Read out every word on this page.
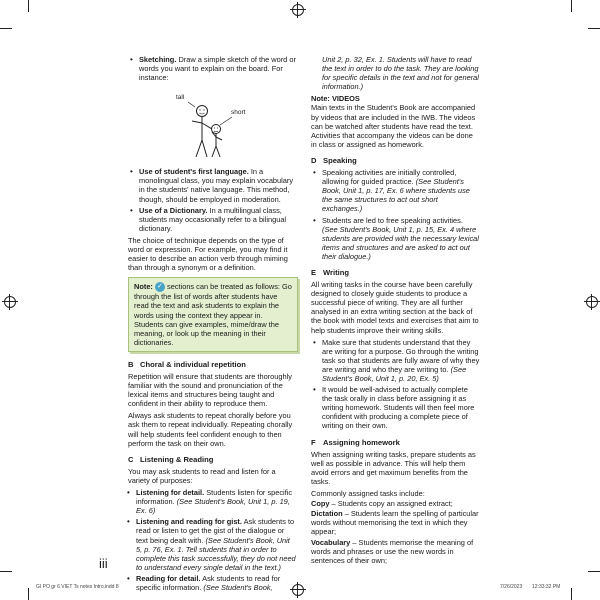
• Sketching. Draw a simple sketch of the word or words you want to explain on the board. For instance:
tall
short
• Use of student's first language. In a monolingual class, you may explain vocabulary in the students' native language. This method, though, should be employed in moderation.
• Use of a Dictionary. In a multilingual class, students may occasionally refer to a bilingual dictionary.

The choice of technique depends on the type of word or expression. For example, you may find it easier to describe an action verb through miming than through a synonym or a definition.

Note: ✓ sections can be treated as follows: Go through the list of words after students have read the text and ask students to explain the words using the context they appear in. Students can give examples, mime/draw the meaning, or look up the meaning in their dictionaries.
B Choral & individual repetition

Repetition will ensure that students are thoroughly familiar with the sound and pronunciation of the lexical items and structures being taught and confident in their ability to reproduce them.

Always ask students to repeat chorally before you ask them to repeat individually. Repeating chorally will help students feel confident enough to then perform the task on their own.

C Listening & Reading

You may ask students to read and listen for a variety of purposes:

• Listening for detail. Students listen for specific information. (See Student's Book, Unit 1, p. 19, Ex. 6)
• Listening and reading for gist. Ask students to read or listen to get the gist of the dialogue or text being dealt with. (See Student's Book, Unit 5, p. 76, Ex. 1. Tell students that in order to complete this task successfully, they do not need to understand every single detail in the text.)
• Reading for detail. Ask students to read for specific information. (See Student's Book,

Unit 2, p. 32, Ex. 1. Students will have to read the text in order to do the task. They are looking for specific details in the text and not for general information.)

Note: VIDEOS
Main texts in the Student's Book are accompanied by videos that are included in the IWB. The videos can be watched after students have read the text. Activities that accompany the videos can be done in class or assigned as homework.

D Speaking
• Speaking activities are initially controlled, allowing for guided practice. (See Student's Book, Unit 1, p. 17, Ex. 6 where students use the same structures to act out short exchanges.)
• Students are led to free speaking activities. (See Student's Book, Unit 1, p. 15, Ex. 4 where students are provided with the necessary lexical items and structures and are asked to act out their dialogue.)
E Writing

All writing tasks in the course have been carefully designed to closely guide students to produce a successful piece of writing. They are all further analysed in an extra writing section at the back of the book with model texts and exercises that aim to help students improve their writing skills.

• Make sure that students understand that they are writing for a purpose. Go through the writing task so that students are fully aware of why they are writing and who they are writing to. (See Student's Book, Unit 1, p. 20, Ex. 5)
• It would be well-advised to actually complete the task orally in class before assigning it as writing homework. Students will then feel more confident with producing a complete piece of writing on their own.
F Assigning homework

When assigning writing tasks, prepare students as well as possible in advance. This will help them avoid errors and get maximum benefits from the tasks.

Commonly assigned tasks include:

Copy – Students copy an assigned extract;

Dictation – Students learn the spelling of particular words without memorising the text in which they appear;

Vocabulary – Students memorise the meaning of words and phrases or use the new words in sentences of their own;

iii
GI PO gr 6 VIET Ts notes Intro.indd 8	7/26/2023 12:33:32 PM
